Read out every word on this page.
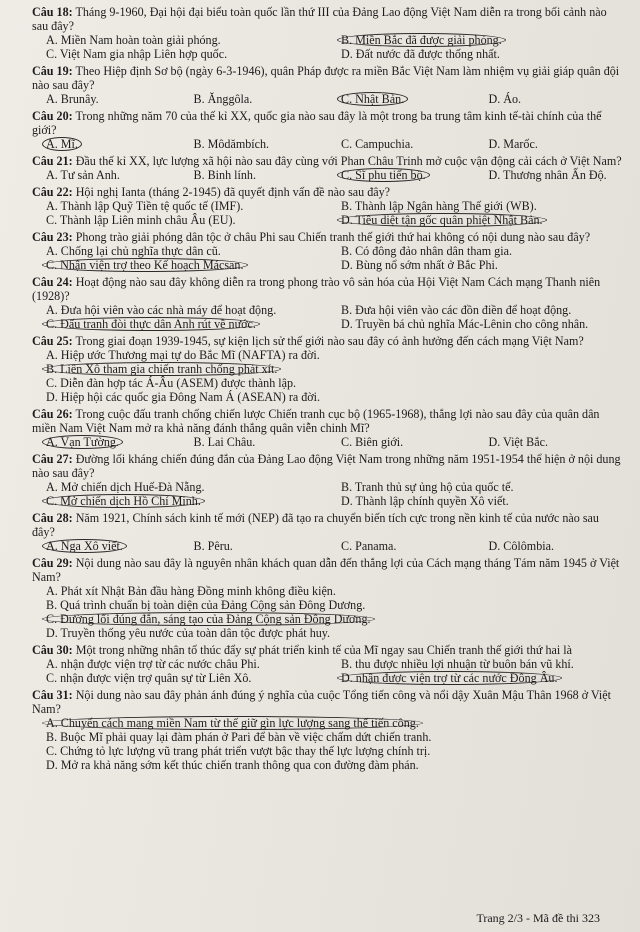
Câu 18: Tháng 9-1960, Đại hội đại biểu toàn quốc lần thứ III của Đảng Lao động Việt Nam diễn ra trong bối cảnh nào sau đây?
A. Miền Nam hoàn toàn giải phóng.	B. Miền Bắc đã được giải phóng.
C. Việt Nam gia nhập Liên hợp quốc.	D. Đất nước đã được thống nhất.
Câu 19: Theo Hiệp định Sơ bộ (ngày 6-3-1946), quân Pháp được ra miền Bắc Việt Nam làm nhiệm vụ giải giáp quân đội nào sau đây?
A. Brunây.	B. Ănggôla.	C. Nhật Bản.	D. Áo.
Câu 20: Trong những năm 70 của thế kỉ XX, quốc gia nào sau đây là một trong ba trung tâm kinh tế-tài chính của thế giới?
A. Mĩ.	B. Môdămbích.	C. Campuchia.	D. Marốc.
Câu 21: Đầu thế kỉ XX, lực lượng xã hội nào sau đây cùng với Phan Châu Trinh mở cuộc vận động cải cách ở Việt Nam?
A. Tư sản Anh.	B. Binh lính.	C. Sĩ phu tiến bộ.	D. Thương nhân Ấn Độ.
Câu 22: Hội nghị Ianta (tháng 2-1945) đã quyết định vấn đề nào sau đây?
A. Thành lập Quỹ Tiền tệ quốc tế (IMF).	B. Thành lập Ngân hàng Thế giới (WB).
C. Thành lập Liên minh châu Âu (EU).	D. Tiêu diệt tận gốc quân phiệt Nhật Bản.
Câu 23: Phong trào giải phóng dân tộc ở châu Phi sau Chiến tranh thế giới thứ hai không có nội dung nào sau đây?
A. Chống lại chủ nghĩa thực dân cũ.	B. Có đông đảo nhân dân tham gia.
C. Nhận viện trợ theo Kế hoạch Mácsan.	D. Bùng nổ sớm nhất ở Bắc Phi.
Câu 24: Hoạt động nào sau đây không diễn ra trong phong trào vô sản hóa của Hội Việt Nam Cách mạng Thanh niên (1928)?
A. Đưa hội viên vào các nhà máy để hoạt động.	B. Đưa hội viên vào các đồn điền để hoạt động.
C. Đấu tranh đòi thực dân Anh rút về nước.	D. Truyền bá chủ nghĩa Mác-Lênin cho công nhân.
Câu 25: Trong giai đoạn 1939-1945, sự kiện lịch sử thế giới nào sau đây có ảnh hưởng đến cách mạng Việt Nam?
A. Hiệp ước Thương mại tự do Bắc Mĩ (NAFTA) ra đời.
B. Liên Xô tham gia chiến tranh chống phát xít.
C. Diễn đàn hợp tác Á-Âu (ASEM) được thành lập.
D. Hiệp hội các quốc gia Đông Nam Á (ASEAN) ra đời.
Câu 26: Trong cuộc đấu tranh chống chiến lược Chiến tranh cục bộ (1965-1968), thắng lợi nào sau đây của quân dân miền Nam Việt Nam mở ra khả năng đánh thắng quân viễn chinh Mĩ?
A. Vạn Tường.	B. Lai Châu.	C. Biên giới.	D. Việt Bắc.
Câu 27: Đường lối kháng chiến đúng đắn của Đảng Lao động Việt Nam trong những năm 1951-1954 thể hiện ở nội dung nào sau đây?
A. Mở chiến dịch Huế-Đà Nẵng.	B. Tranh thủ sự ủng hộ của quốc tế.
C. Mở chiến dịch Hồ Chí Minh.	D. Thành lập chính quyền Xô viết.
Câu 28: Năm 1921, Chính sách kinh tế mới (NEP) đã tạo ra chuyển biến tích cực trong nền kinh tế của nước nào sau đây?
A. Nga Xô viết.	B. Pêru.	C. Panama.	D. Côlômbia.
Câu 29: Nội dung nào sau đây là nguyên nhân khách quan dẫn đến thắng lợi của Cách mạng tháng Tám năm 1945 ở Việt Nam?
A. Phát xít Nhật Bản đầu hàng Đồng minh không điều kiện.
B. Quá trình chuẩn bị toàn diện của Đảng Cộng sản Đông Dương.
C. Đường lối đúng đắn, sáng tạo của Đảng Cộng sản Đông Dương.
D. Truyền thống yêu nước của toàn dân tộc được phát huy.
Câu 30: Một trong những nhân tố thúc đẩy sự phát triển kinh tế của Mĩ ngay sau Chiến tranh thế giới thứ hai là
A. nhận được viện trợ từ các nước châu Phi.	B. thu được nhiều lợi nhuận từ buôn bán vũ khí.
C. nhận được viện trợ quân sự từ Liên Xô.	D. nhận được viện trợ từ các nước Đông Âu.
Câu 31: Nội dung nào sau đây phản ánh đúng ý nghĩa của cuộc Tổng tiến công và nổi dậy Xuân Mậu Thân 1968 ở Việt Nam?
A. Chuyển cách mạng miền Nam từ thế giữ gìn lực lượng sang thế tiến công.
B. Buộc Mĩ phải quay lại đàm phán ở Pari để bàn về việc chấm dứt chiến tranh.
C. Chứng tỏ lực lượng vũ trang phát triển vượt bậc thay thế lực lượng chính trị.
D. Mở ra khả năng sớm kết thúc chiến tranh thông qua con đường đàm phán.
Trang 2/3 - Mã đề thi 323
